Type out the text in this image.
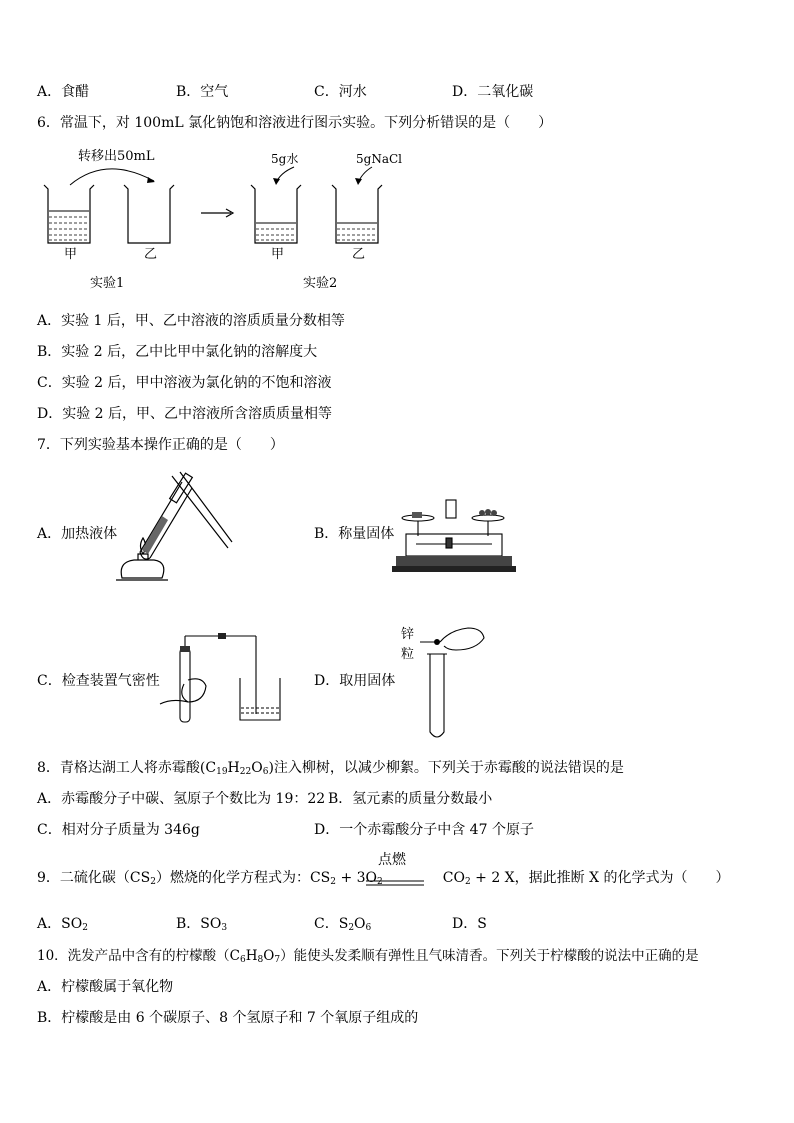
A．食醋	B．空气	C．河水	D．二氧化碳
6．常温下，对 100mL 氯化钠饱和溶液进行图示实验。下列分析错误的是（　　）
转移出50mL	5g水	5gNaCl
甲	乙	甲	乙
实验1	实验2
A．实验 1 后，甲、乙中溶液的溶质质量分数相等
B．实验 2 后，乙中比甲中氯化钠的溶解度大
C．实验 2 后，甲中溶液为氯化钠的不饱和溶液
D．实验 2 后，甲、乙中溶液所含溶质质量相等
7．下列实验基本操作正确的是（　　）
A．加热液体	B．称量固体
C．检查装置气密性	D．取用固体
锌
粒
8．青格达湖工人将赤霉酸$(C_{19}H_{22}O_6)$注入柳树，以减少柳絮。下列关于赤霉酸的说法错误的是
A．赤霉酸分子中碳、氢原子个数比为 19：22 B．氢元素的质量分数最小
C．相对分子质量为 346g	D．一个赤霉酸分子中含 47 个原子
9．二硫化碳$(CS_2)$燃烧的化学方程式为：$CS_2 + 3O_2$	$CO_2 + 2$ X，据此推断 X 的化学式为（　　）
点燃
A．$SO_2$	B．$SO_3$	C．$S_2O_6$	D．S
10．洗发产品中含有的柠檬酸$(C_6H_8O_7)$能使头发柔顺有弹性且气味清香。下列关于柠檬酸的说法中正确的是
A．柠檬酸属于氧化物
B．柠檬酸是由 6 个碳原子、8 个氢原子和 7 个氧原子组成的
